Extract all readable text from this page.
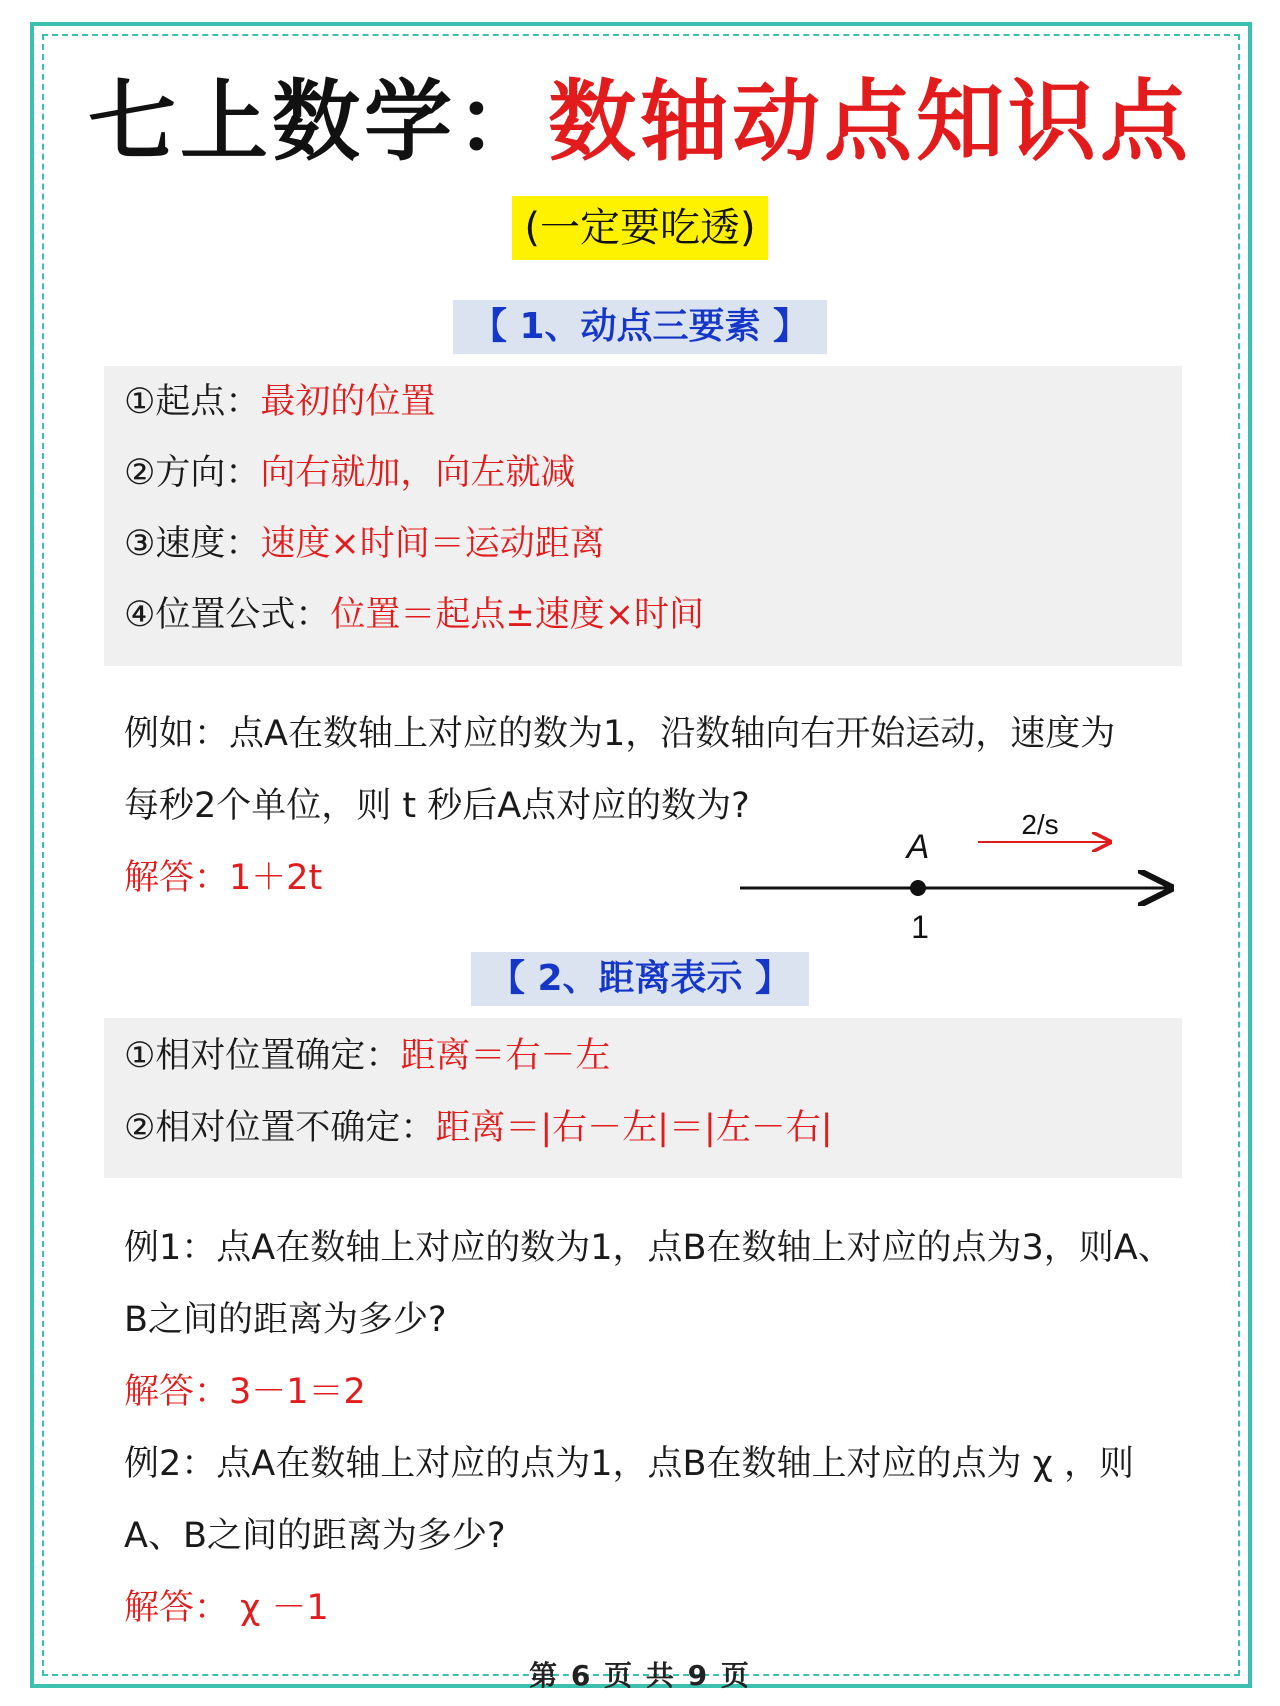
七上数学：数轴动点知识点
(一定要吃透)
【 1、动点三要素 】
①起点：最初的位置
②方向：向右就加，向左就减
③速度：速度×时间＝运动距离
④位置公式：位置＝起点±速度×时间
例如：点A在数轴上对应的数为1，沿数轴向右开始运动，速度为
每秒2个单位，则 t 秒后A点对应的数为?
解答：1＋2t
A
1
2/s
【 2、距离表示 】
①相对位置确定：距离＝右－左
②相对位置不确定：距离＝|右－左|＝|左－右|
例1：点A在数轴上对应的数为1，点B在数轴上对应的点为3，则A、
B之间的距离为多少?
解答：3－1＝2
例2：点A在数轴上对应的点为1，点B在数轴上对应的点为 χ ，则
A、B之间的距离为多少?
解答： χ －1
第 6 页 共 9 页
